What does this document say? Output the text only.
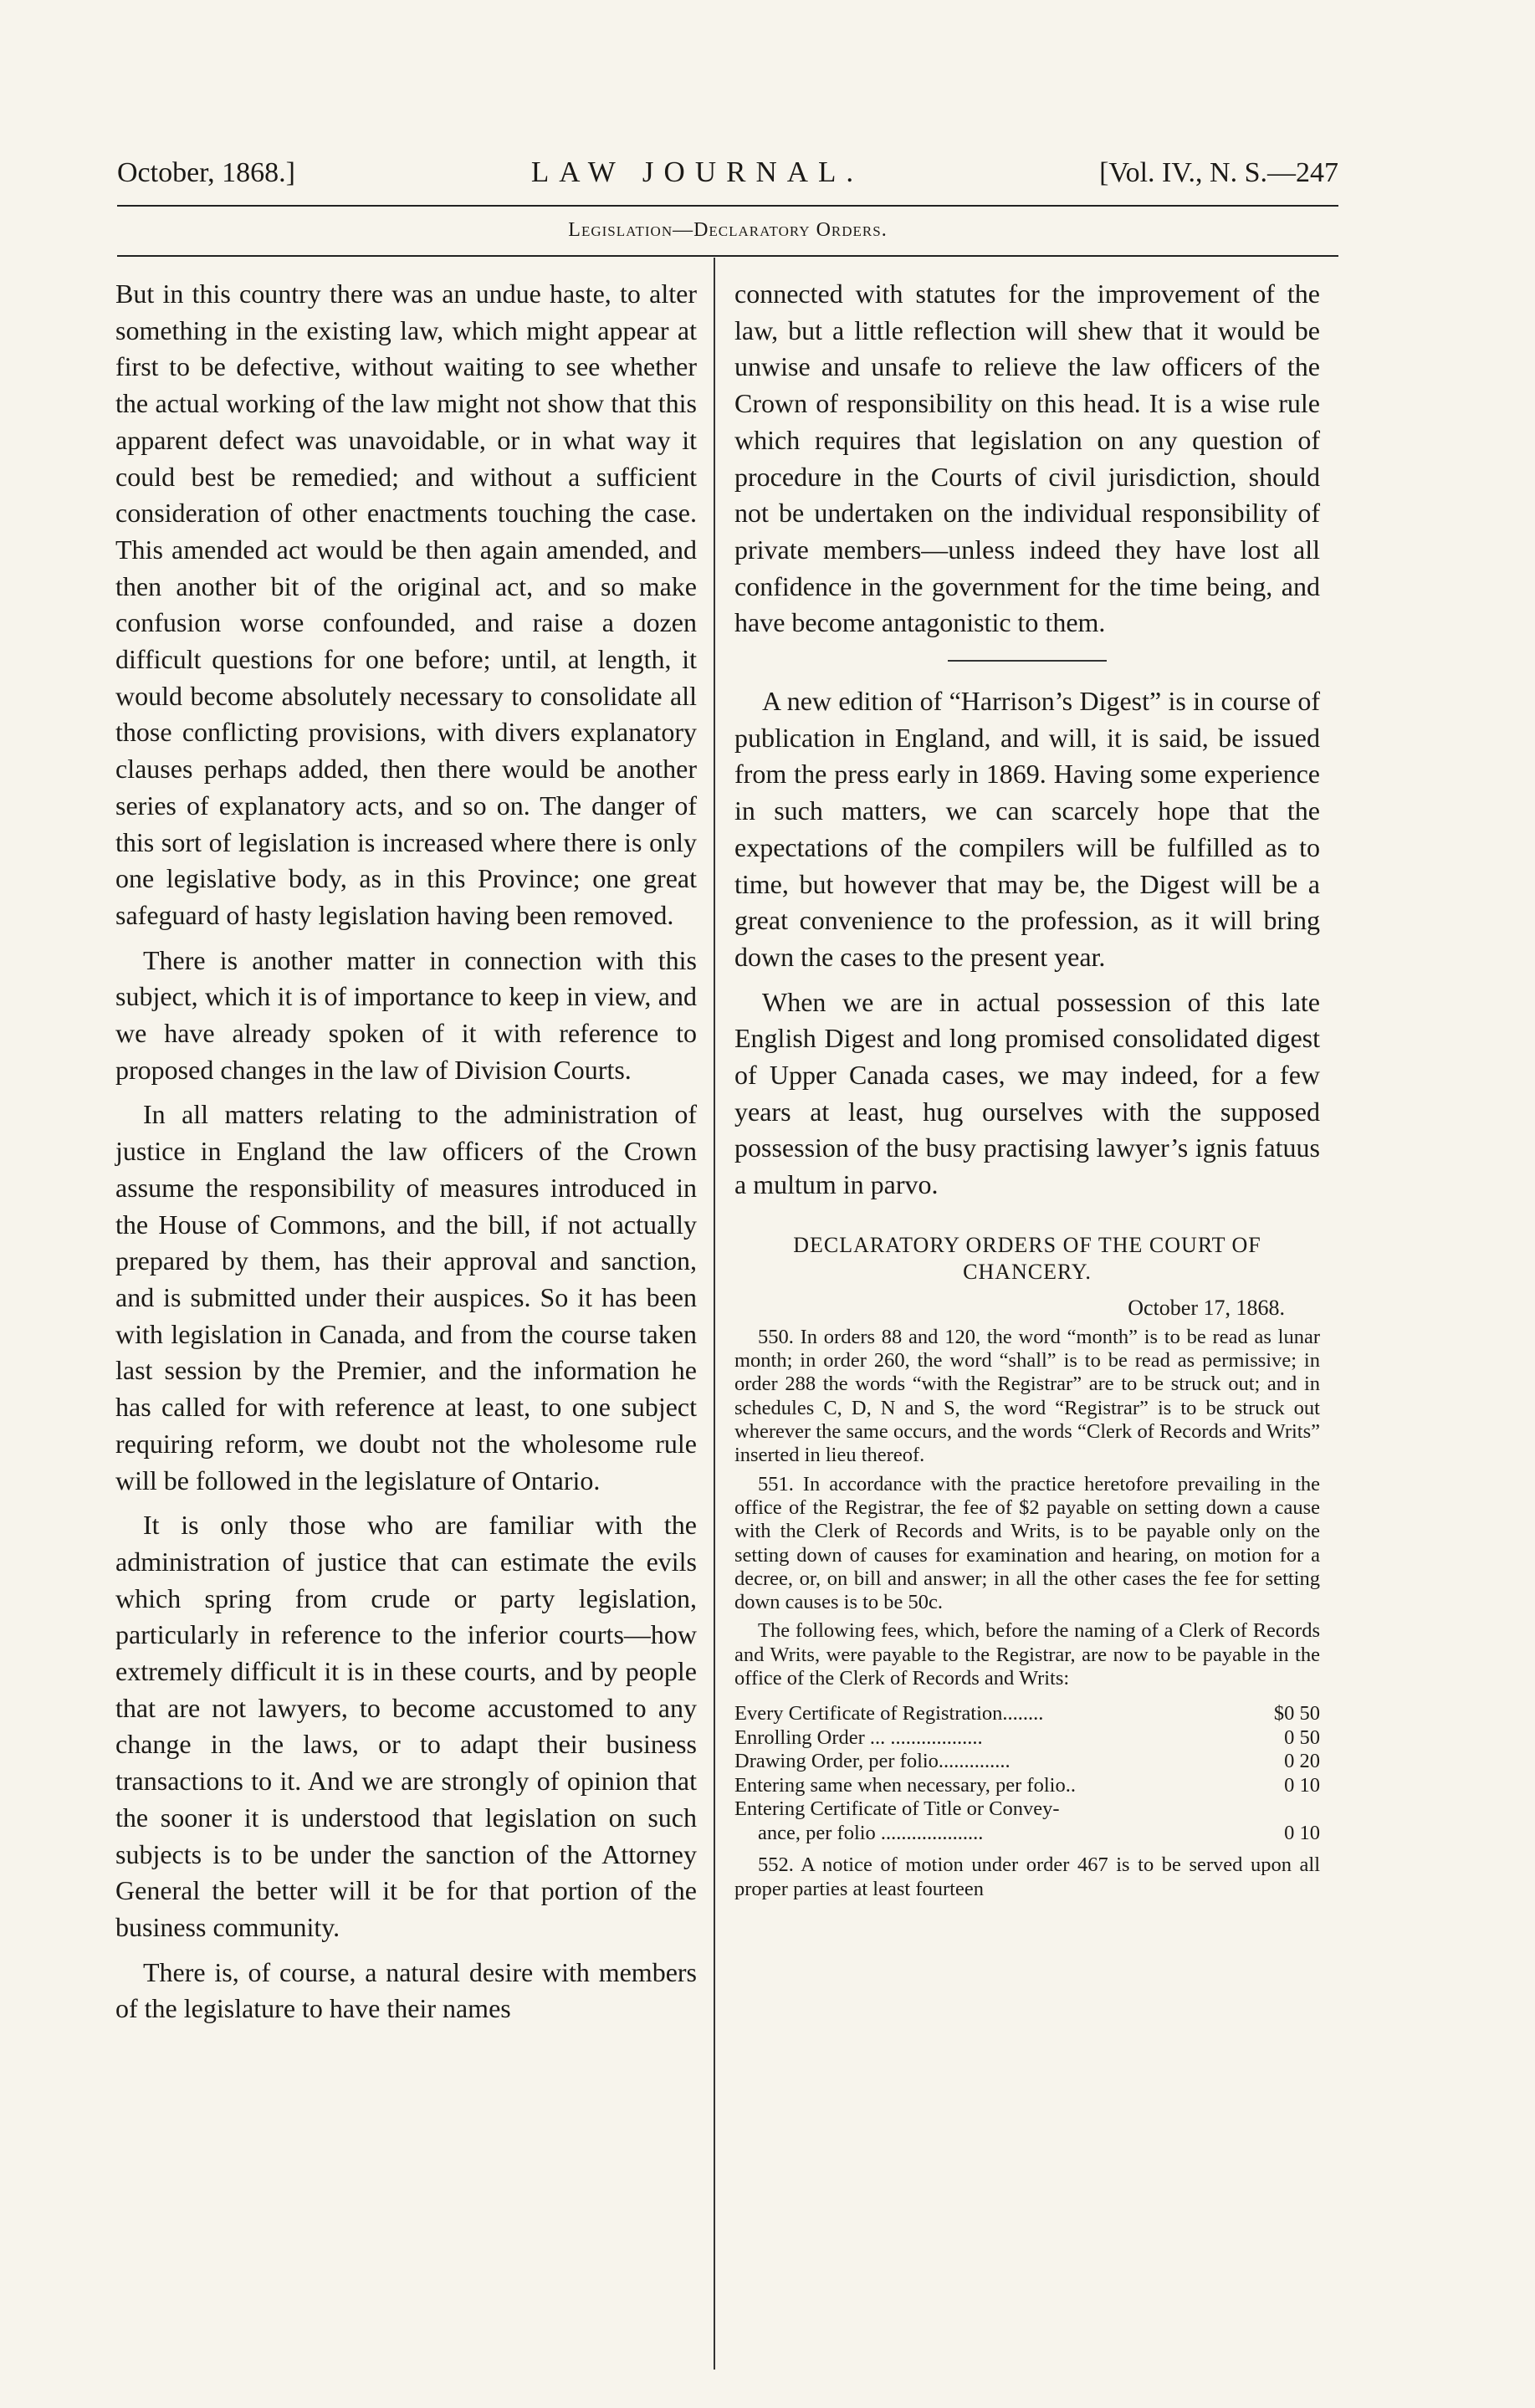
October, 1868.]	LAW JOURNAL.	[Vol. IV., N. S.—247
Legislation—Declaratory Orders.

But in this country there was an undue haste, to alter something in the existing law, which might appear at first to be defective, without waiting to see whether the actual working of the law might not show that this apparent defect was unavoidable, or in what way it could best be remedied; and without a sufficient consideration of other enactments touching the case. This amended act would be then again amended, and then another bit of the original act, and so make confusion worse confounded, and raise a dozen difficult questions for one before; until, at length, it would become absolutely necessary to consolidate all those conflicting provisions, with divers explanatory clauses perhaps added, then there would be another series of explanatory acts, and so on. The danger of this sort of legislation is increased where there is only one legislative body, as in this Province; one great safeguard of hasty legislation having been removed.

There is another matter in connection with this subject, which it is of importance to keep in view, and we have already spoken of it with reference to proposed changes in the law of Division Courts.

In all matters relating to the administration of justice in England the law officers of the Crown assume the responsibility of measures introduced in the House of Commons, and the bill, if not actually prepared by them, has their approval and sanction, and is submitted under their auspices. So it has been with legislation in Canada, and from the course taken last session by the Premier, and the information he has called for with reference at least, to one subject requiring reform, we doubt not the wholesome rule will be followed in the legislature of Ontario.

It is only those who are familiar with the administration of justice that can estimate the evils which spring from crude or party legislation, particularly in reference to the inferior courts—how extremely difficult it is in these courts, and by people that are not lawyers, to become accustomed to any change in the laws, or to adapt their business transactions to it. And we are strongly of opinion that the sooner it is understood that legislation on such subjects is to be under the sanction of the Attorney General the better will it be for that portion of the business community.

There is, of course, a natural desire with members of the legislature to have their names

connected with statutes for the improvement of the law, but a little reflection will shew that it would be unwise and unsafe to relieve the law officers of the Crown of responsibility on this head. It is a wise rule which requires that legislation on any question of procedure in the Courts of civil jurisdiction, should not be undertaken on the individual responsibility of private members—unless indeed they have lost all confidence in the government for the time being, and have become antagonistic to them.

A new edition of “Harrison’s Digest” is in course of publication in England, and will, it is said, be issued from the press early in 1869. Having some experience in such matters, we can scarcely hope that the expectations of the compilers will be fulfilled as to time, but however that may be, the Digest will be a great convenience to the profession, as it will bring down the cases to the present year.

When we are in actual possession of this late English Digest and long promised consolidated digest of Upper Canada cases, we may indeed, for a few years at least, hug ourselves with the supposed possession of the busy practising lawyer’s ignis fatuus a multum in parvo.

DECLARATORY ORDERS OF THE COURT OF CHANCERY.
October 17, 1868.

550. In orders 88 and 120, the word “month” is to be read as lunar month; in order 260, the word “shall” is to be read as permissive; in order 288 the words “with the Registrar” are to be struck out; and in schedules C, D, N and S, the word “Registrar” is to be struck out wherever the same occurs, and the words “Clerk of Records and Writs” inserted in lieu thereof.

551. In accordance with the practice heretofore prevailing in the office of the Registrar, the fee of $2 payable on setting down a cause with the Clerk of Records and Writs, is to be payable only on the setting down of causes for examination and hearing, on motion for a decree, or, on bill and answer; in all the other cases the fee for setting down causes is to be 50c.

The following fees, which, before the naming of a Clerk of Records and Writs, were payable to the Registrar, are now to be payable in the office of the Clerk of Records and Writs:

Every Certificate of Registration........	$0 50
Enrolling Order ... ..................	0 50
Drawing Order, per folio..............	0 20
Entering same when necessary, per folio..	0 10
Entering Certificate of Title or Convey-
ance, per folio ....................	0 10

552. A notice of motion under order 467 is to be served upon all proper parties at least fourteen
